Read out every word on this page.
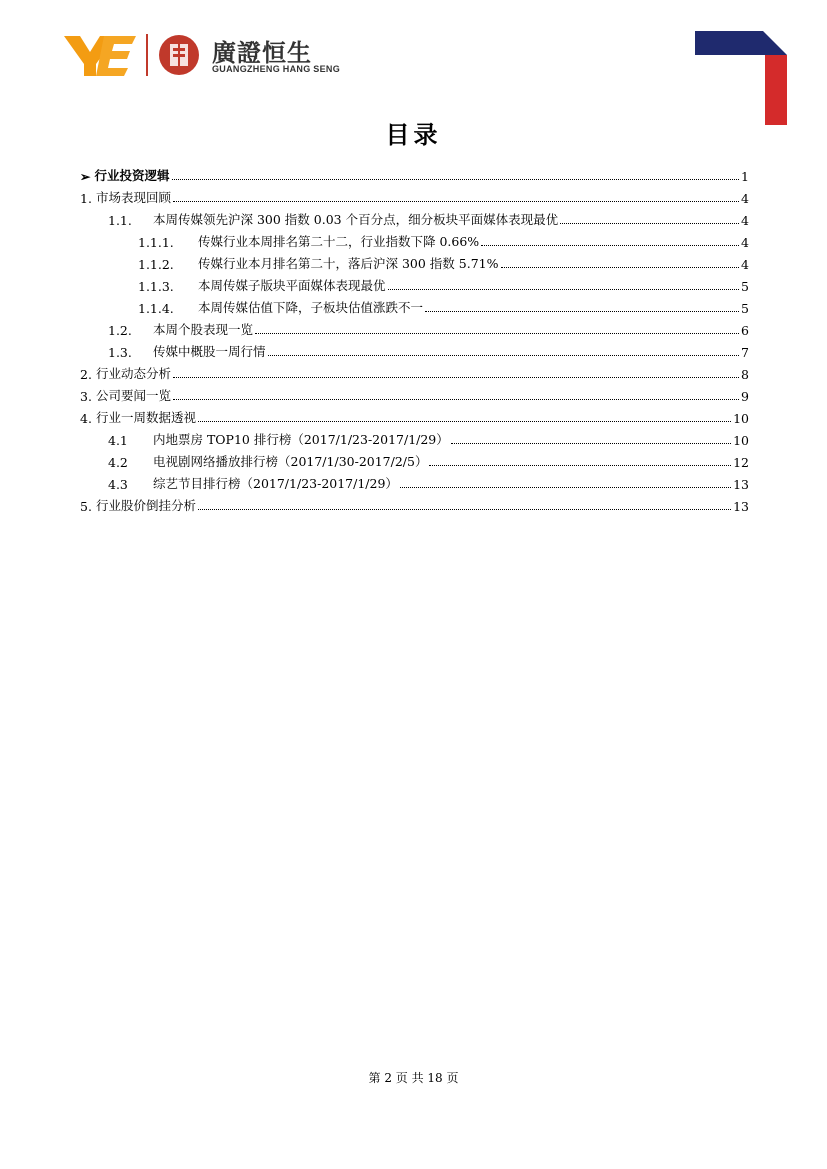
廣證恒生
GUANGZHENG HANG SENG
目录
➢ 行业投资逻辑	1
1. 市场表现回顾	4
1.1.	本周传媒领先沪深 300 指数 0.03 个百分点，细分板块平面媒体表现最优	4
1.1.1.	传媒行业本周排名第二十二，行业指数下降 0.66%	4
1.1.2.	传媒行业本月排名第二十，落后沪深 300 指数 5.71%	4
1.1.3.	本周传媒子版块平面媒体表现最优	5
1.1.4.	本周传媒估值下降，子板块估值涨跌不一	5
1.2.	本周个股表现一览	6
1.3.	传媒中概股一周行情	7
2. 行业动态分析	8
3. 公司要闻一览	9
4. 行业一周数据透视	10
4.1	内地票房 TOP10 排行榜（2017/1/23-2017/1/29）	10
4.2	电视剧网络播放排行榜（2017/1/30-2017/2/5）	12
4.3	综艺节目排行榜（2017/1/23-2017/1/29）	13
5. 行业股价倒挂分析	13
第 2 页 共 18 页
